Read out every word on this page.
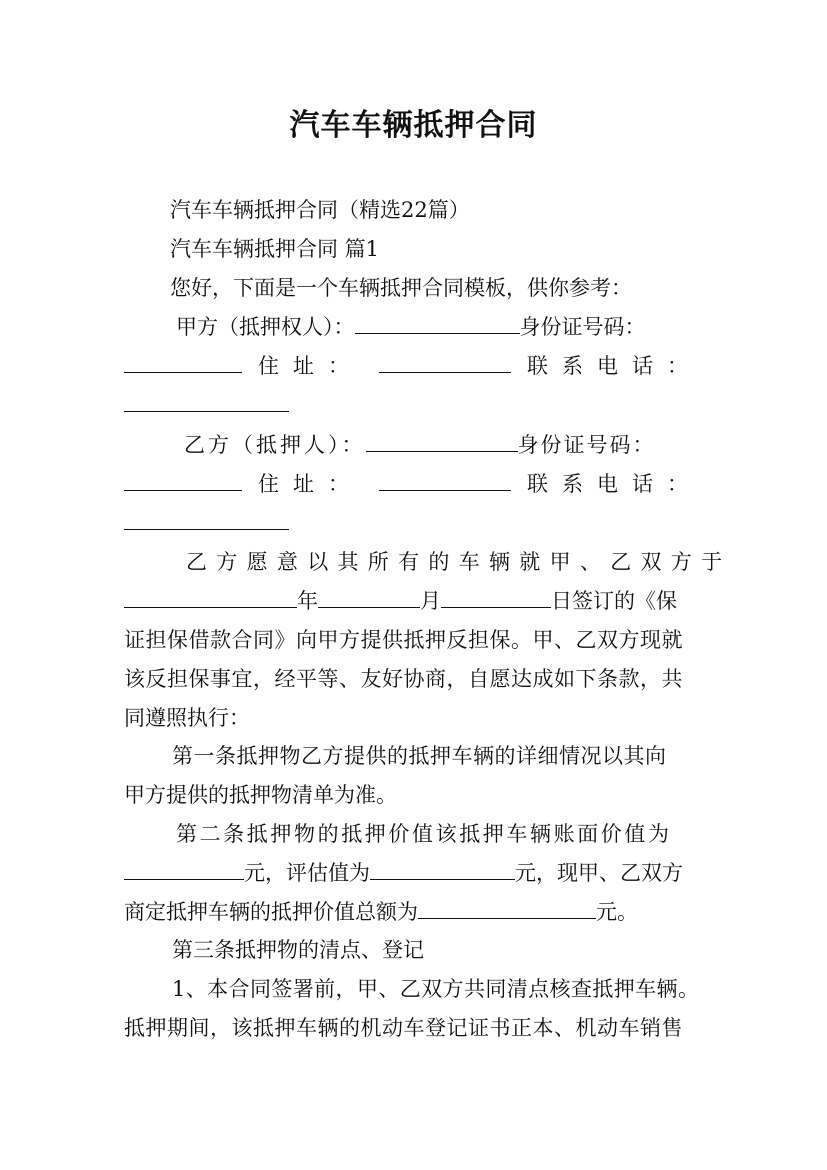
汽车车辆抵押合同

汽车车辆抵押合同（精选22篇）

汽车车辆抵押合同 篇1

您好，下面是一个车辆抵押合同模板，供你参考：

甲方（抵押权人）：	身份证号码：
住址：	联系电话：
乙方（抵押人）：	身份证号码：
住址：	联系电话：

乙方愿意以其所有的车辆就甲、乙双方于

年	月	日签订的《保

证担保借款合同》向甲方提供抵押反担保。甲、乙双方现就

该反担保事宜，经平等、友好协商，自愿达成如下条款，共

同遵照执行：

第一条抵押物乙方提供的抵押车辆的详细情况以其向

甲方提供的抵押物清单为准。

第二条抵押物的抵押价值该抵押车辆账面价值为

元，评估值为	元，现甲、乙双方
商定抵押车辆的抵押价值总额为	元。

第三条抵押物的清点、登记

1、本合同签署前，甲、乙双方共同清点核查抵押车辆。

抵押期间，该抵押车辆的机动车登记证书正本、机动车销售
